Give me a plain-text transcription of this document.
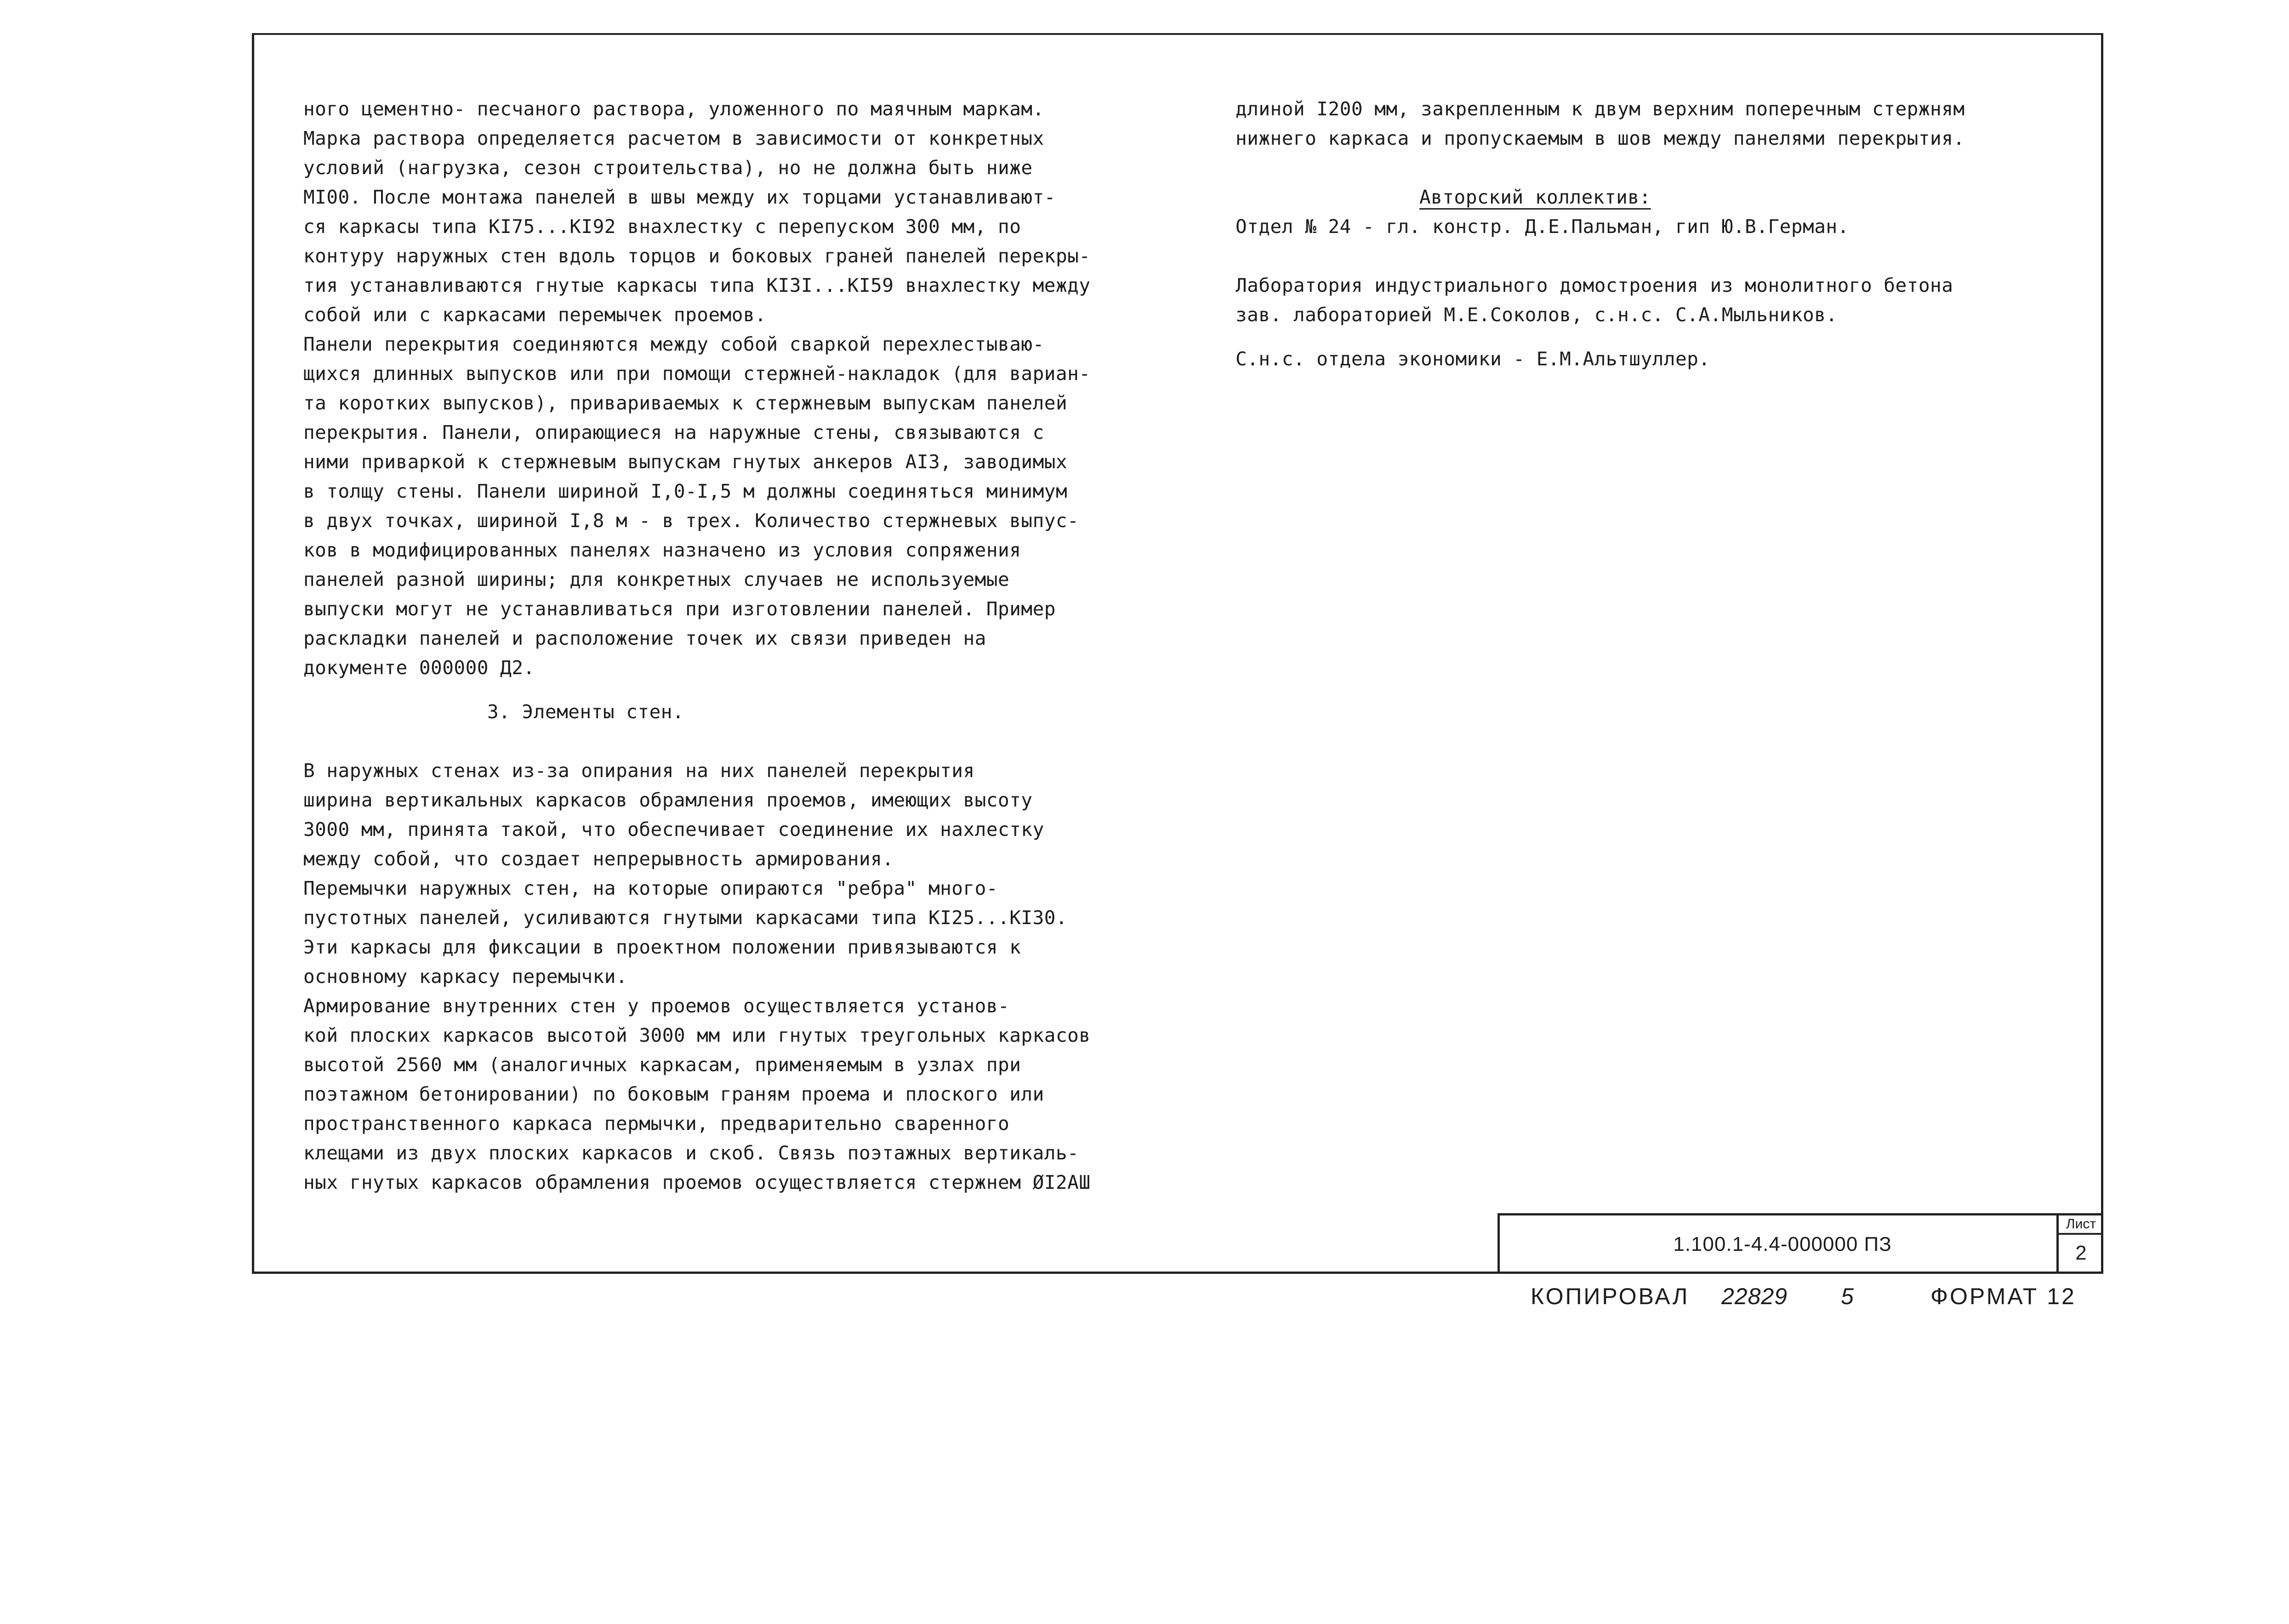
ного цементно- песчаного раствора, уложенного по маячным маркам.
Марка раствора определяется расчетом в зависимости от конкретных
условий (нагрузка, сезон строительства), но не должна быть ниже
MI00. После монтажа панелей в швы между их торцами устанавливают-
ся каркасы типа KI75...KI92 внахлестку с перепуском 300 мм, по
контуру наружных стен вдоль торцов и боковых граней панелей перекры-
тия устанавливаются гнутые каркасы типа KI3I...KI59 внахлестку между
собой или с каркасами перемычек проемов.
Панели перекрытия соединяются между собой сваркой перехлестываю-
щихся длинных выпусков или при помощи стержней-накладок (для вариан-
та коротких выпусков), привариваемых к стержневым выпускам панелей
перекрытия. Панели, опирающиеся на наружные стены, связываются с
ними приваркой к стержневым выпускам гнутых анкеров AI3, заводимых
в толщу стены. Панели шириной I,0-I,5 м должны соединяться минимум
в двух точках, шириной I,8 м - в трех. Количество стержневых выпус-
ков в модифицированных панелях назначено из условия сопряжения
панелей разной ширины; для конкретных случаев не используемые
выпуски могут не устанавливаться при изготовлении панелей. Пример
раскладки панелей и расположение точек их связи приведен на
документе 000000 Д2.
3. Элементы стен.
В наружных стенах из-за опирания на них панелей перекрытия
ширина вертикальных каркасов обрамления проемов, имеющих высоту
3000 мм, принята такой, что обеспечивает соединение их нахлестку
между собой, что создает непрерывность армирования.
Перемычки наружных стен, на которые опираются "ребра" много-
пустотных панелей, усиливаются гнутыми каркасами типа KI25...KI30.
Эти каркасы для фиксации в проектном положении привязываются к
основному каркасу перемычки.
Армирование внутренних стен у проемов осуществляется установ-
кой плоских каркасов высотой 3000 мм или гнутых треугольных каркасов
высотой 2560 мм (аналогичных каркасам, применяемым в узлах при
поэтажном бетонировании) по боковым граням проема и плоского или
пространственного каркаса пермычки, предварительно сваренного
клещами из двух плоских каркасов и скоб. Связь поэтажных вертикаль-
ных гнутых каркасов обрамления проемов осуществляется стержнем ØI2AШ
длиной I200 мм, закрепленным к двум верхним поперечным стержням
нижнего каркаса и пропускаемым в шов между панелями перекрытия.
Авторский коллектив:
Отдел № 24 - гл. констр. Д.Е.Пальман, гип Ю.В.Герман.
Лаборатория индустриального домостроения из монолитного бетона
зав. лабораторией М.Е.Соколов, с.н.с. С.А.Мыльников.
С.н.с. отдела экономики - Е.М.Альтшуллер.
1.100.1-4.4-000000 ПЗ
Лист
2
КОПИРОВАЛ 22829 5	ФОРМАТ 12
